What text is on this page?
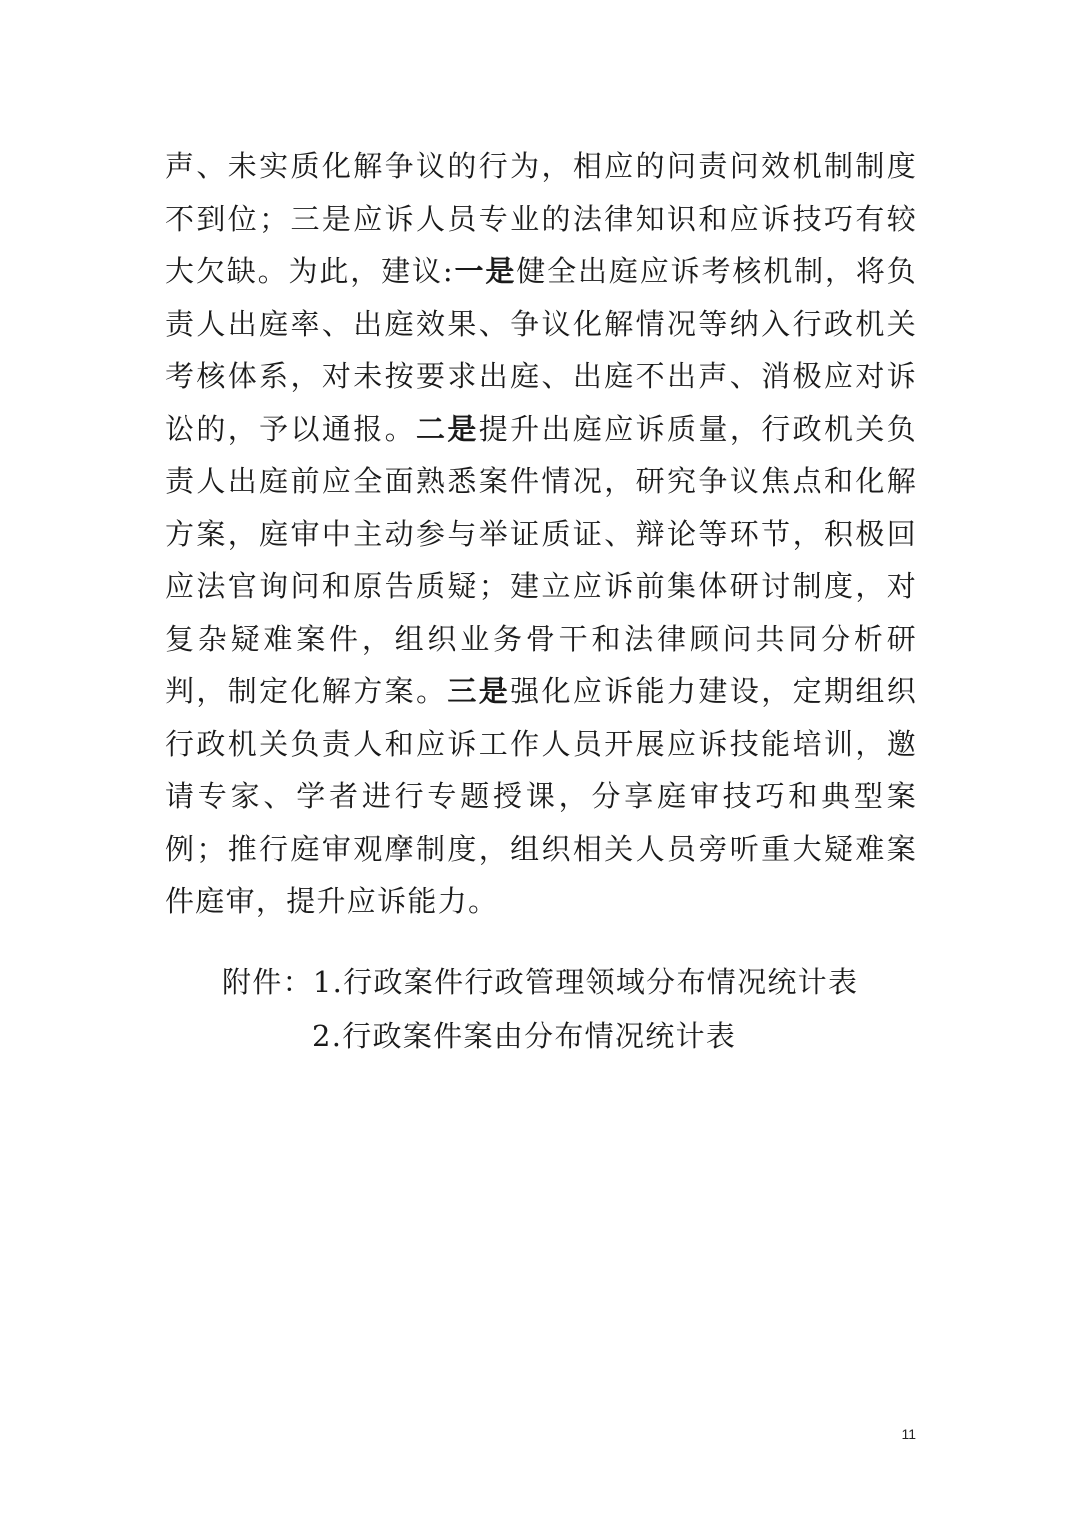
声、未实质化解争议的行为，相应的问责问效机制制度不到位；三是应诉人员专业的法律知识和应诉技巧有较大欠缺。为此，建议:一是健全出庭应诉考核机制，将负责人出庭率、出庭效果、争议化解情况等纳入行政机关考核体系，对未按要求出庭、出庭不出声、消极应对诉讼的，予以通报。二是提升出庭应诉质量，行政机关负责人出庭前应全面熟悉案件情况，研究争议焦点和化解方案，庭审中主动参与举证质证、辩论等环节，积极回应法官询问和原告质疑；建立应诉前集体研讨制度，对复杂疑难案件，组织业务骨干和法律顾问共同分析研判，制定化解方案。三是强化应诉能力建设，定期组织行政机关负责人和应诉工作人员开展应诉技能培训，邀请专家、学者进行专题授课，分享庭审技巧和典型案例；推行庭审观摩制度，组织相关人员旁听重大疑难案件庭审，提升应诉能力。

附件：1.行政案件行政管理领域分布情况统计表
2.行政案件案由分布情况统计表
11
